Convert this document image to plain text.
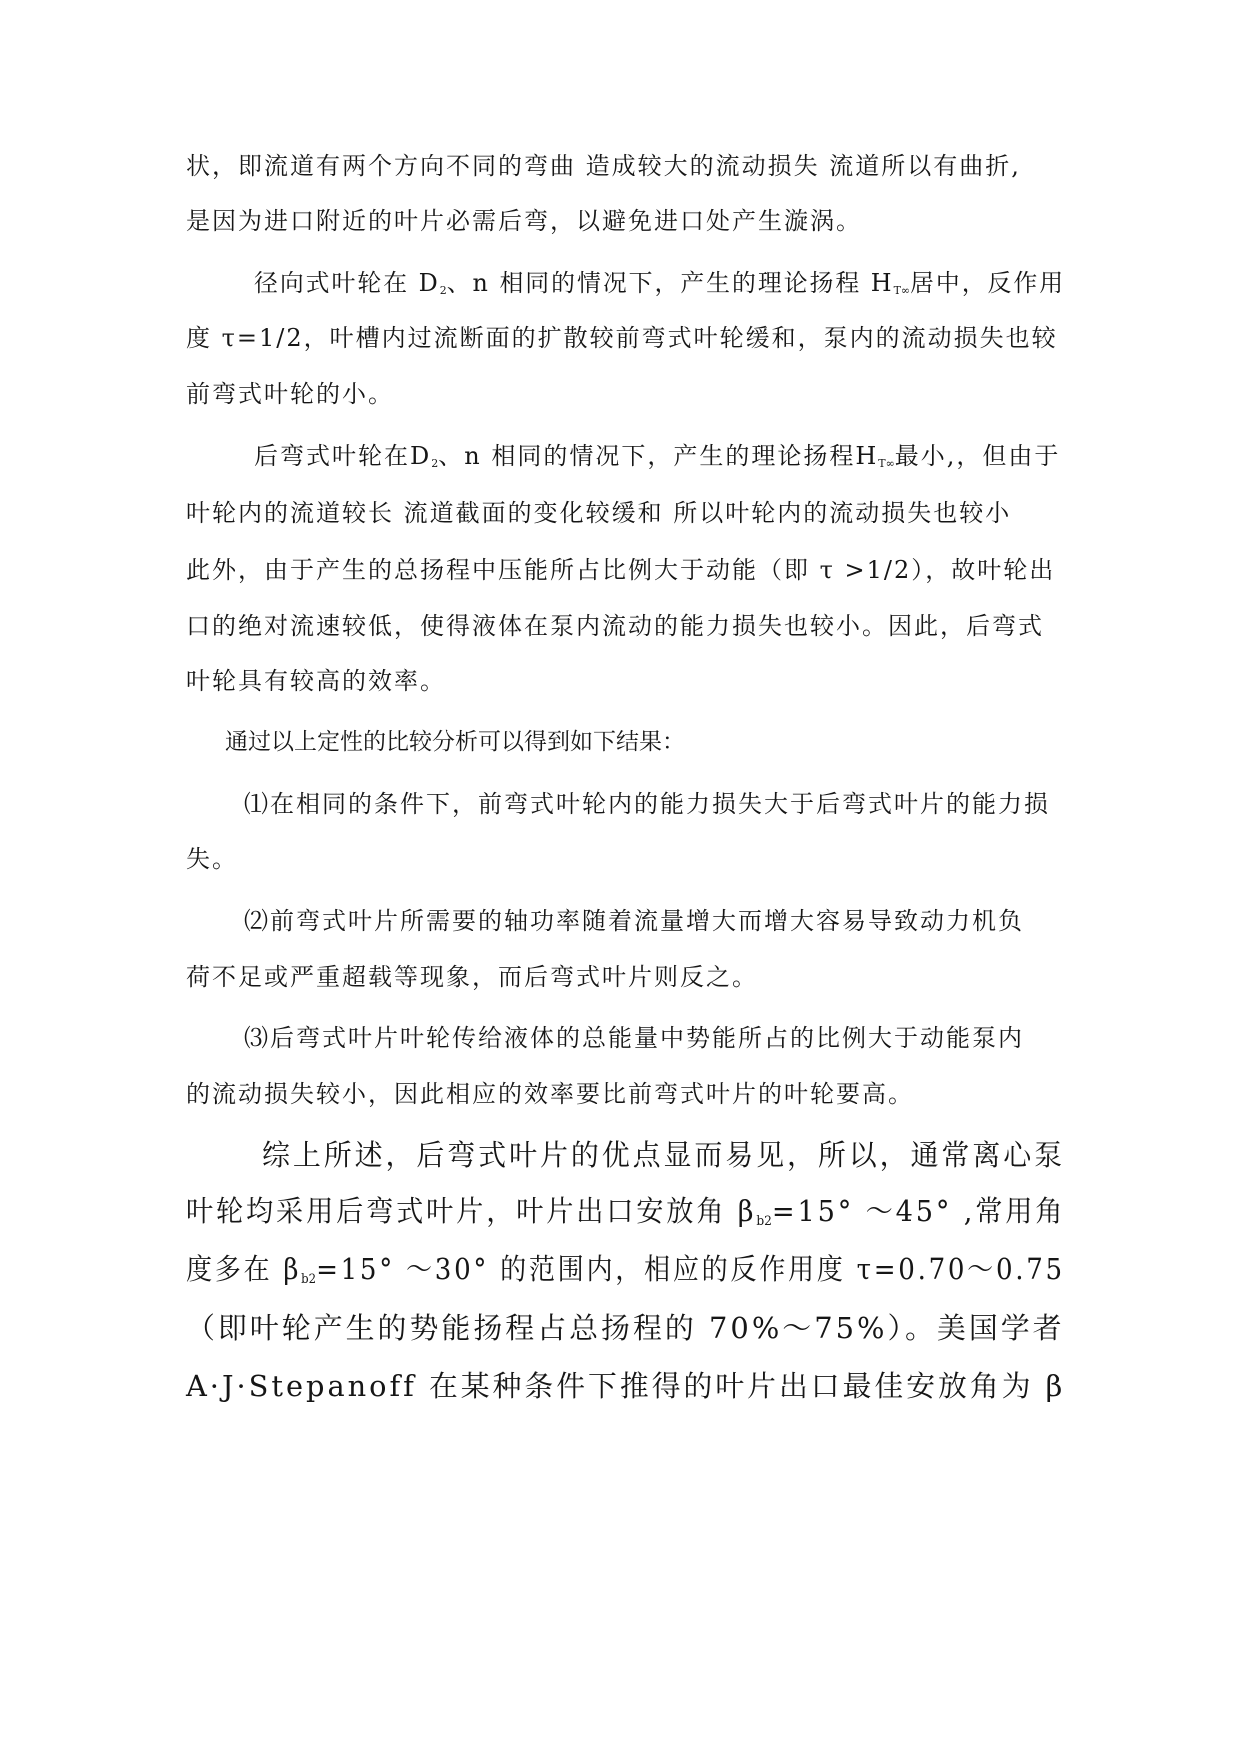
状，即流道有两个方向不同的弯曲 造成较大的流动损失 流道所以有曲折,
是因为进口附近的叶片必需后弯，以避免进口处产生漩涡。
径向式叶轮在 $D_2$、n 相同的情况下，产生的理论扬程 $H_{T\infty}$居中，反作用
度 τ=1/2，叶槽内过流断面的扩散较前弯式叶轮缓和，泵内的流动损失也较
前弯式叶轮的小。
后弯式叶轮在$D_2$、n 相同的情况下，产生的理论扬程$H_{T\infty}$最小,，但由于
叶轮内的流道较长 流道截面的变化较缓和 所以叶轮内的流动损失也较小
此外，由于产生的总扬程中压能所占比例大于动能（即 τ >1/2），故叶轮出
口的绝对流速较低，使得液体在泵内流动的能力损失也较小。因此，后弯式
叶轮具有较高的效率。
通过以上定性的比较分析可以得到如下结果：
⑴在相同的条件下，前弯式叶轮内的能力损失大于后弯式叶片的能力损
失。
⑵前弯式叶片所需要的轴功率随着流量增大而增大容易导致动力机负
荷不足或严重超载等现象，而后弯式叶片则反之。
⑶后弯式叶片叶轮传给液体的总能量中势能所占的比例大于动能泵内
的流动损失较小，因此相应的效率要比前弯式叶片的叶轮要高。
综上所述，后弯式叶片的优点显而易见，所以，通常离心泵
叶轮均采用后弯式叶片，叶片出口安放角 βb2=15° ～45° ,常用角
度多在 βb2=15° ～30° 的范围内，相应的反作用度 τ=0.70～0.75
（即叶轮产生的势能扬程占总扬程的 70%～75%）。美国学者
A·J·Stepanoff 在某种条件下推得的叶片出口最佳安放角为 β
